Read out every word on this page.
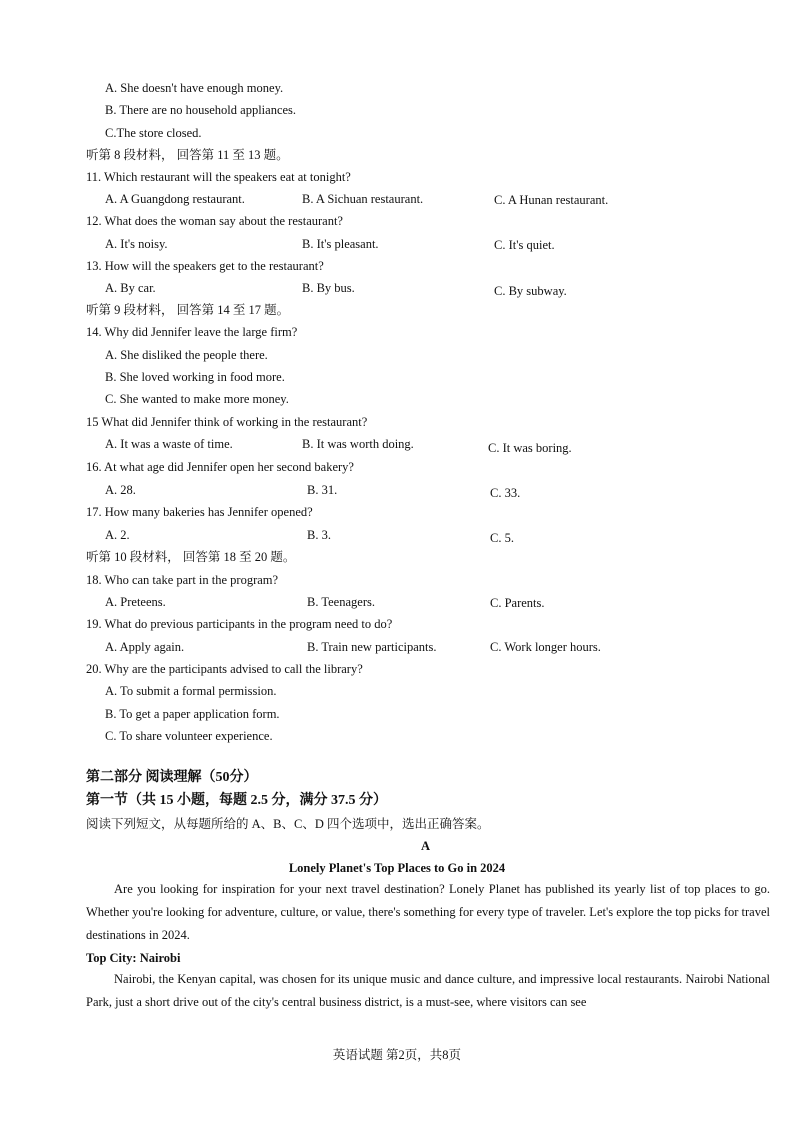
A. She doesn't have enough money.
B. There are no household appliances.
C.The store closed.
听第 8 段材料， 回答第 11 至 13 题。
11. Which restaurant will the speakers eat at tonight?
A. A Guangdong restaurant.	B. A Sichuan restaurant.	C. A Hunan restaurant.
12. What does the woman say about the restaurant?
A. It's noisy.	B. It's pleasant.	C. It's quiet.
13. How will the speakers get to the restaurant?
A. By car.	B. By bus.	C. By subway.
听第 9 段材料， 回答第 14 至 17 题。
14. Why did Jennifer leave the large firm?
A. She disliked the people there.
B. She loved working in food more.
C. She wanted to make more money.
15 What did Jennifer think of working in the restaurant?
A. It was a waste of time.	B. It was worth doing.	C. It was boring.
16. At what age did Jennifer open her second bakery?
A. 28.	B. 31.	C. 33.
17. How many bakeries has Jennifer opened?
A. 2.	B. 3.	C. 5.
听第 10 段材料， 回答第 18 至 20 题。
18. Who can take part in the program?
A. Preteens.	B. Teenagers.	C. Parents.
19. What do previous participants in the program need to do?
A. Apply again.	B. Train new participants.	C. Work longer hours.
20. Why are the participants advised to call the library?
A. To submit a formal permission.
B. To get a paper application form.
C. To share volunteer experience.
第二部分 阅读理解（50分）
第一节（共 15 小题，每题 2.5 分，满分 37.5 分）
阅读下列短文，从每题所给的 A、B、C、D 四个选项中，选出正确答案。
A
Lonely Planet's Top Places to Go in 2024
Are you looking for inspiration for your next travel destination? Lonely Planet has published its yearly list of top places to go. Whether you're looking for adventure, culture, or value, there's something for every type of traveler. Let's explore the top picks for travel destinations in 2024.
Top City: Nairobi
Nairobi, the Kenyan capital, was chosen for its unique music and dance culture, and impressive local restaurants. Nairobi National Park, just a short drive out of the city's central business district, is a must-see, where visitors can see
英语试题 第2页，共8页
